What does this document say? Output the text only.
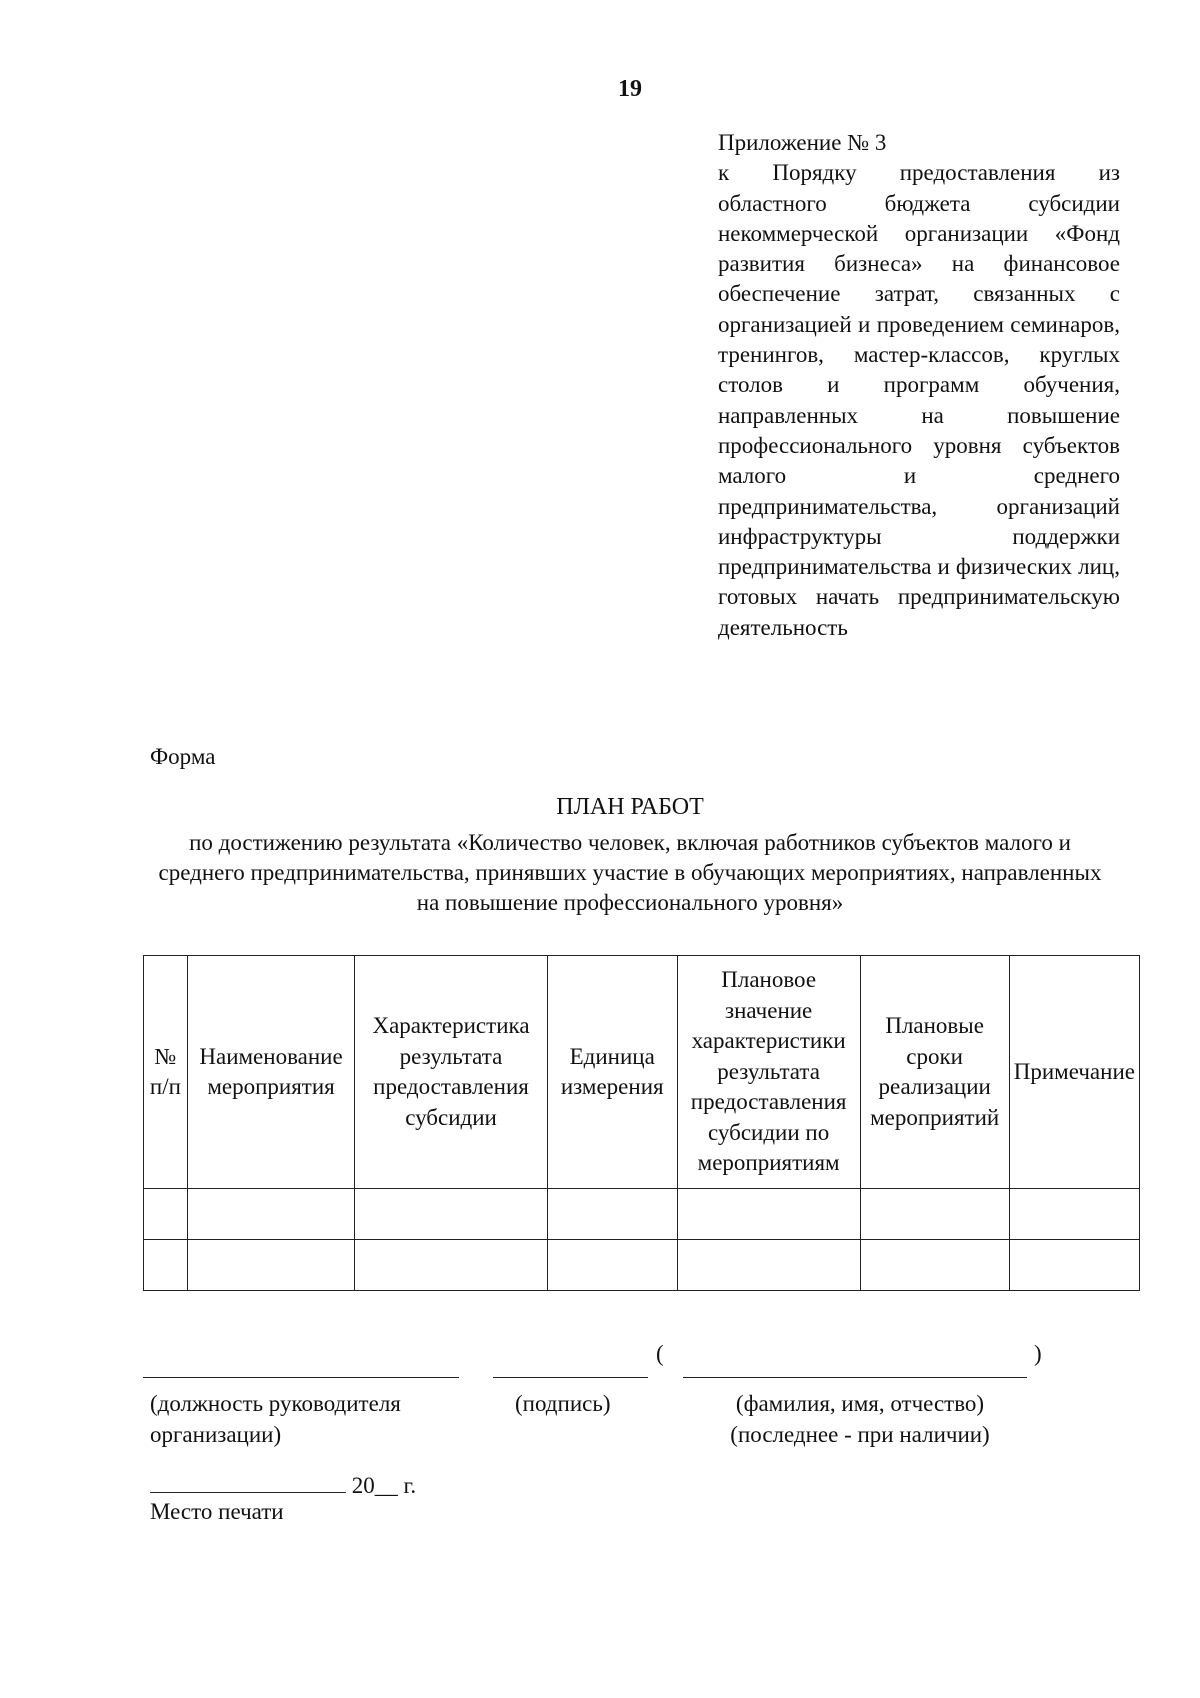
19
Приложение № 3
к Порядку предоставления из областного бюджета субсидии некоммерческой организации «Фонд развития бизнеса» на финансовое обеспечение затрат, связанных с организацией и проведением семинаров, тренингов, мастер-классов, круглых столов и программ обучения, направленных на повышение профессионального уровня субъектов малого и среднего предпринимательства, организаций инфраструктуры поддержки предпринимательства и физических лиц, готовых начать предпринимательскую деятельность
Форма
ПЛАН РАБОТ
по достижению результата «Количество человек, включая работников субъектов малого и среднего предпринимательства, принявших участие в обучающих мероприятиях, направленных на повышение профессионального уровня»
№ п/п	Наименование мероприятия	Характеристика результата предоставления субсидии	Единица измерения	Плановое значение характеристики результата предоставления субсидии по мероприятиям	Плановые сроки реализации мероприятий	Примечание

(	)
(должность руководителя организации)
(подпись)	(фамилия, имя, отчество) (последнее - при наличии)
20__ г.
Место печати
